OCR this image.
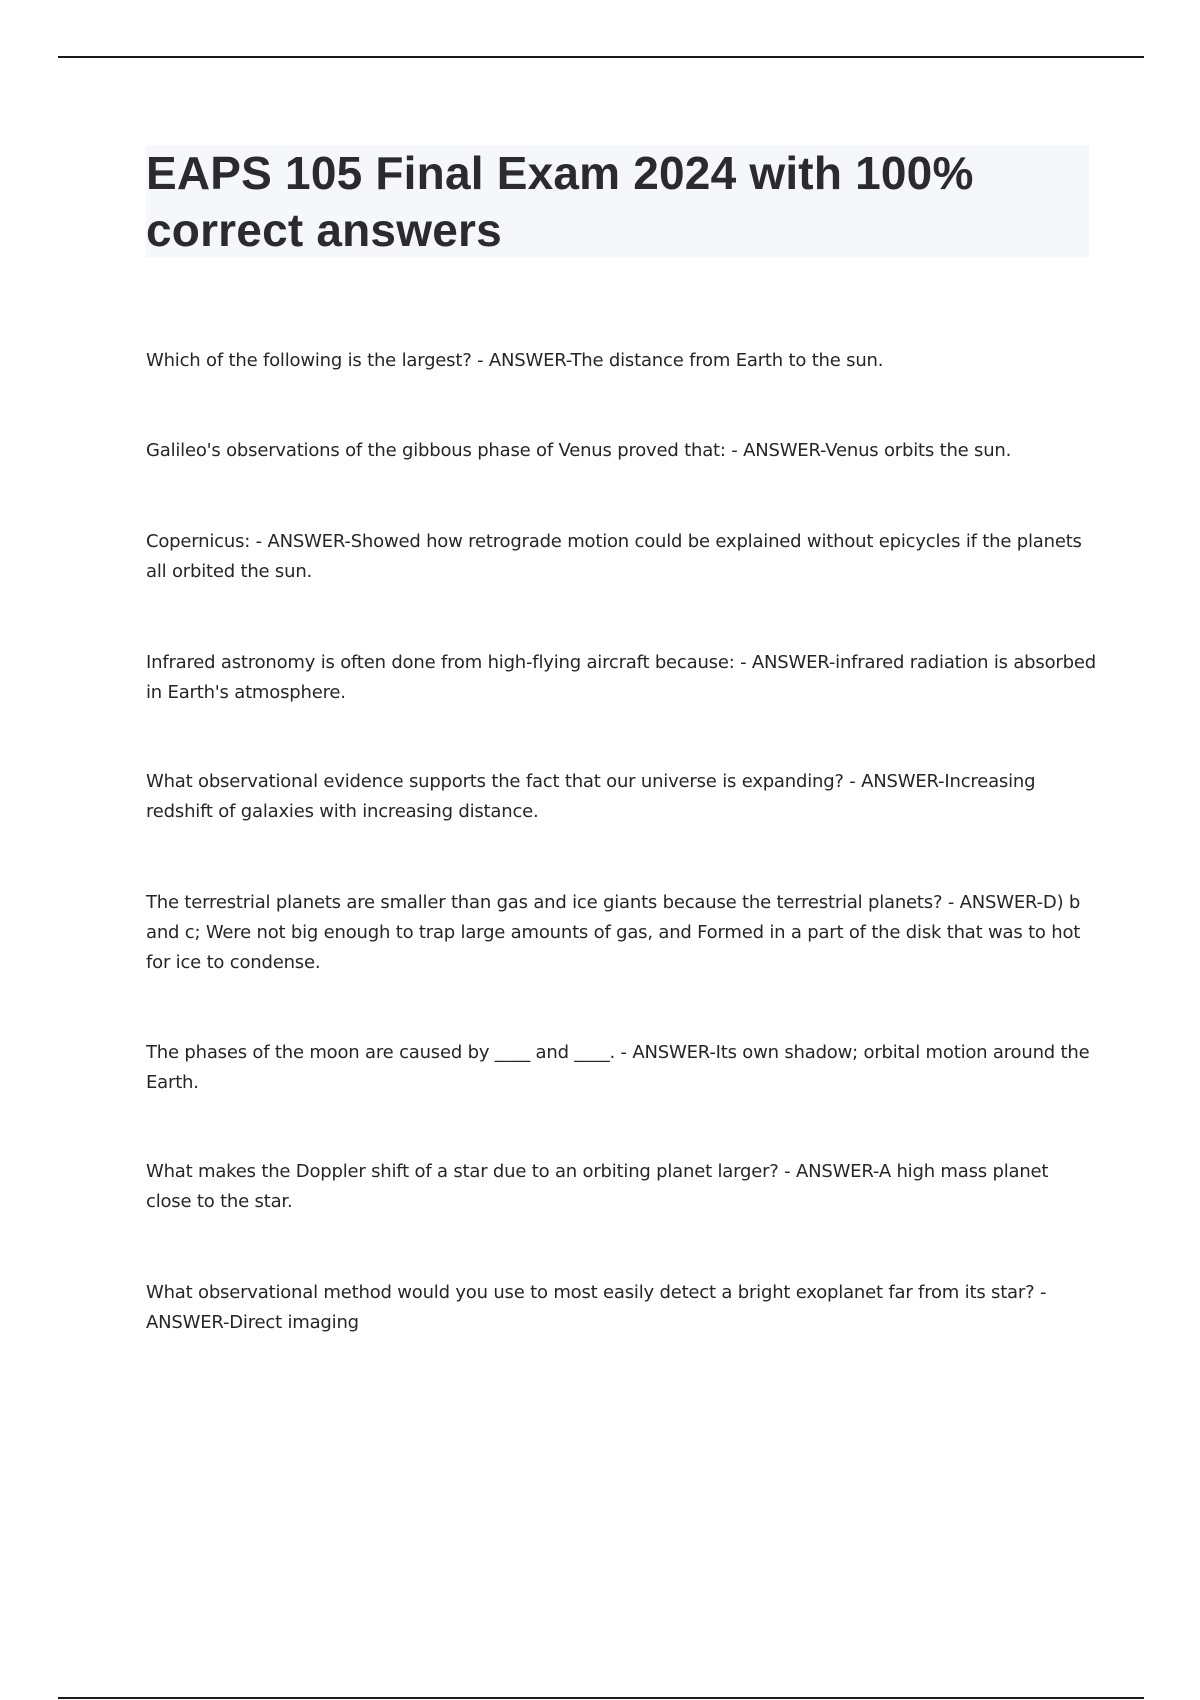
EAPS 105 Final Exam 2024 with 100% correct answers

Which of the following is the largest? - ANSWER-The distance from Earth to the sun.

Galileo's observations of the gibbous phase of Venus proved that: - ANSWER-Venus orbits the sun.

Copernicus: - ANSWER-Showed how retrograde motion could be explained without epicycles if the planets all orbited the sun.

Infrared astronomy is often done from high-flying aircraft because: - ANSWER-infrared radiation is absorbed in Earth's atmosphere.

What observational evidence supports the fact that our universe is expanding? - ANSWER-Increasing redshift of galaxies with increasing distance.

The terrestrial planets are smaller than gas and ice giants because the terrestrial planets? - ANSWER-D) b and c; Were not big enough to trap large amounts of gas, and Formed in a part of the disk that was to hot for ice to condense.

The phases of the moon are caused by ____ and ____. - ANSWER-Its own shadow; orbital motion around the Earth.

What makes the Doppler shift of a star due to an orbiting planet larger? - ANSWER-A high mass planet close to the star.

What observational method would you use to most easily detect a bright exoplanet far from its star? - ANSWER-Direct imaging
